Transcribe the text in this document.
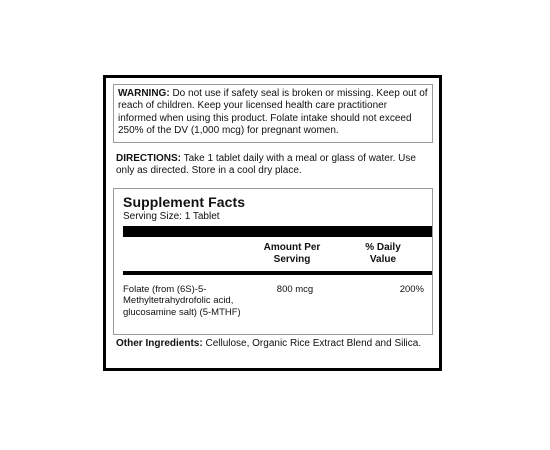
WARNING: Do not use if safety seal is broken or missing. Keep out of reach of children. Keep your licensed health care practitioner informed when using this product. Folate intake should not exceed 250% of the DV (1,000 mcg) for pregnant women.
DIRECTIONS: Take 1 tablet daily with a meal or glass of water. Use only as directed. Store in a cool dry place.
Supplement Facts
Serving Size: 1 Tablet
Amount Per Serving
% Daily Value
Folate (from (6S)-5-Methyltetrahydrofolic acid, glucosamine salt) (5-MTHF)
800 mcg	200%
Other Ingredients: Cellulose, Organic Rice Extract Blend and Silica.
